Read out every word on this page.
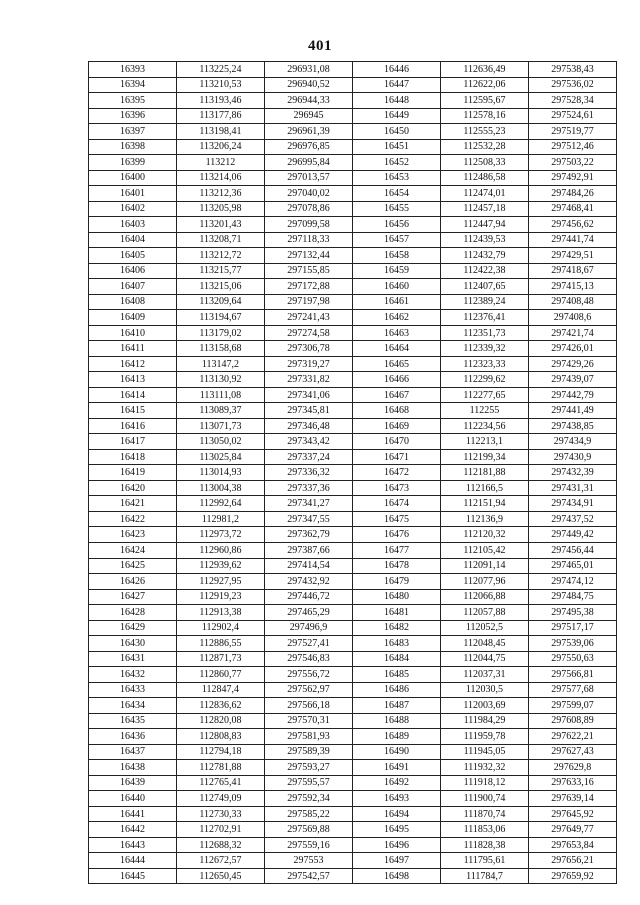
401
16393	113225,24	296931,08	16446	112636,49	297538,43
16394	113210,53	296940,52	16447	112622,06	297536,02
16395	113193,46	296944,33	16448	112595,67	297528,34
16396	113177,86	296945	16449	112578,16	297524,61
16397	113198,41	296961,39	16450	112555,23	297519,77
16398	113206,24	296976,85	16451	112532,28	297512,46
16399	113212	296995,84	16452	112508,33	297503,22
16400	113214,06	297013,57	16453	112486,58	297492,91
16401	113212,36	297040,02	16454	112474,01	297484,26
16402	113205,98	297078,86	16455	112457,18	297468,41
16403	113201,43	297099,58	16456	112447,94	297456,62
16404	113208,71	297118,33	16457	112439,53	297441,74
16405	113212,72	297132,44	16458	112432,79	297429,51
16406	113215,77	297155,85	16459	112422,38	297418,67
16407	113215,06	297172,88	16460	112407,65	297415,13
16408	113209,64	297197,98	16461	112389,24	297408,48
16409	113194,67	297241,43	16462	112376,41	297408,6
16410	113179,02	297274,58	16463	112351,73	297421,74
16411	113158,68	297306,78	16464	112339,32	297426,01
16412	113147,2	297319,27	16465	112323,33	297429,26
16413	113130,92	297331,82	16466	112299,62	297439,07
16414	113111,08	297341,06	16467	112277,65	297442,79
16415	113089,37	297345,81	16468	112255	297441,49
16416	113071,73	297346,48	16469	112234,56	297438,85
16417	113050,02	297343,42	16470	112213,1	297434,9
16418	113025,84	297337,24	16471	112199,34	297430,9
16419	113014,93	297336,32	16472	112181,88	297432,39
16420	113004,38	297337,36	16473	112166,5	297431,31
16421	112992,64	297341,27	16474	112151,94	297434,91
16422	112981,2	297347,55	16475	112136,9	297437,52
16423	112973,72	297362,79	16476	112120,32	297449,42
16424	112960,86	297387,66	16477	112105,42	297456,44
16425	112939,62	297414,54	16478	112091,14	297465,01
16426	112927,95	297432,92	16479	112077,96	297474,12
16427	112919,23	297446,72	16480	112066,88	297484,75
16428	112913,38	297465,29	16481	112057,88	297495,38
16429	112902,4	297496,9	16482	112052,5	297517,17
16430	112886,55	297527,41	16483	112048,45	297539,06
16431	112871,73	297546,83	16484	112044,75	297550,63
16432	112860,77	297556,72	16485	112037,31	297566,81
16433	112847,4	297562,97	16486	112030,5	297577,68
16434	112836,62	297566,18	16487	112003,69	297599,07
16435	112820,08	297570,31	16488	111984,29	297608,89
16436	112808,83	297581,93	16489	111959,78	297622,21
16437	112794,18	297589,39	16490	111945,05	297627,43
16438	112781,88	297593,27	16491	111932,32	297629,8
16439	112765,41	297595,57	16492	111918,12	297633,16
16440	112749,09	297592,34	16493	111900,74	297639,14
16441	112730,33	297585,22	16494	111870,74	297645,92
16442	112702,91	297569,88	16495	111853,06	297649,77
16443	112688,32	297559,16	16496	111828,38	297653,84
16444	112672,57	297553	16497	111795,61	297656,21
16445	112650,45	297542,57	16498	111784,7	297659,92
